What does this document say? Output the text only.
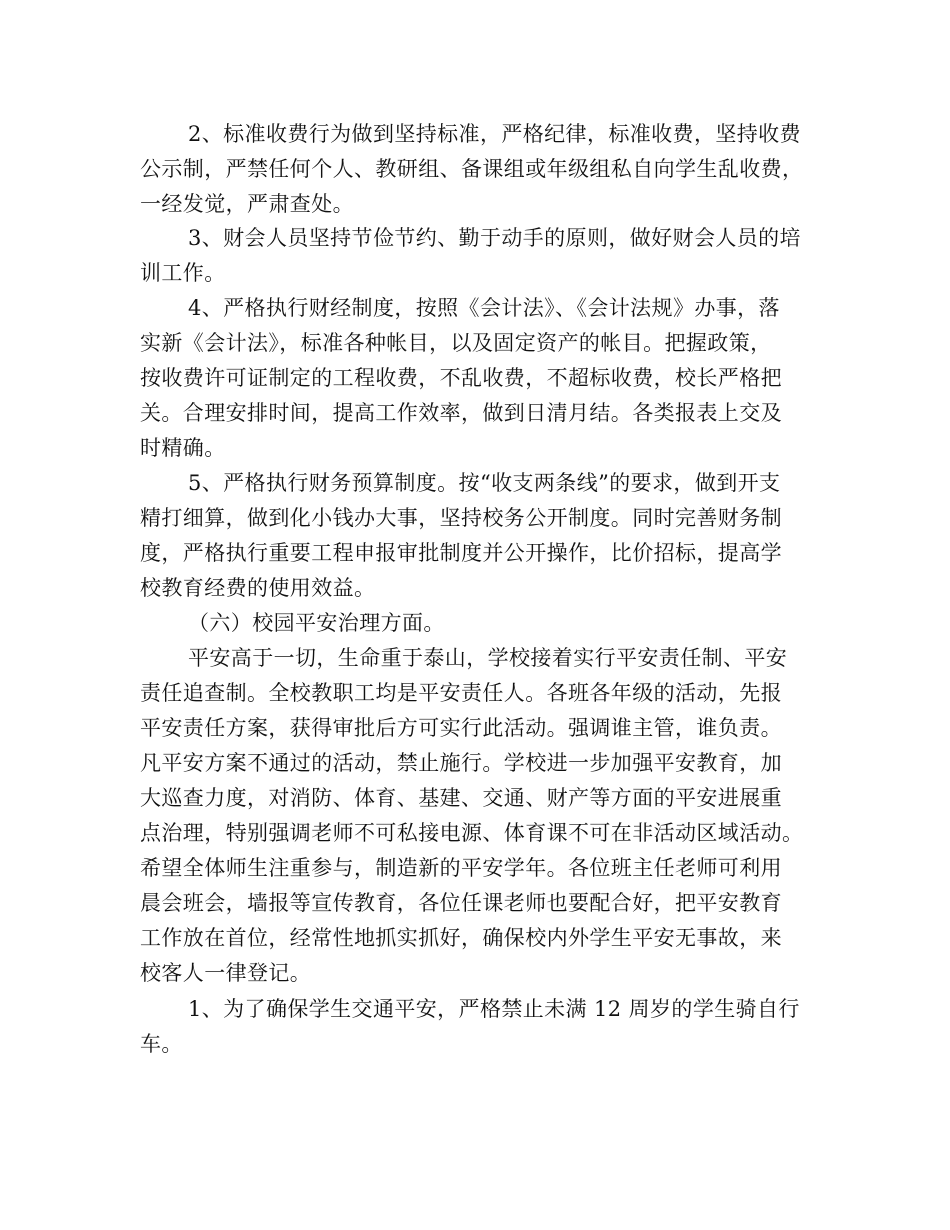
2、标准收费行为做到坚持标准，严格纪律，标准收费，坚持收费

公示制，严禁任何个人、教研组、备课组或年级组私自向学生乱收费，

一经发觉，严肃查处。

3、财会人员坚持节俭节约、勤于动手的原则，做好财会人员的培

训工作。

4、严格执行财经制度，按照《会计法》、《会计法规》办事，落

实新《会计法》，标准各种帐目，以及固定资产的帐目。把握政策，

按收费许可证制定的工程收费，不乱收费，不超标收费，校长严格把

关。合理安排时间，提高工作效率，做到日清月结。各类报表上交及

时精确。

5、严格执行财务预算制度。按“收支两条线”的要求，做到开支

精打细算，做到化小钱办大事，坚持校务公开制度。同时完善财务制

度，严格执行重要工程申报审批制度并公开操作，比价招标，提高学

校教育经费的使用效益。

（六）校园平安治理方面。

平安高于一切，生命重于泰山，学校接着实行平安责任制、平安

责任追查制。全校教职工均是平安责任人。各班各年级的活动，先报

平安责任方案，获得审批后方可实行此活动。强调谁主管，谁负责。

凡平安方案不通过的活动，禁止施行。学校进一步加强平安教育，加

大巡查力度，对消防、体育、基建、交通、财产等方面的平安进展重

点治理，特别强调老师不可私接电源、体育课不可在非活动区域活动。

希望全体师生注重参与，制造新的平安学年。各位班主任老师可利用

晨会班会，墙报等宣传教育，各位任课老师也要配合好，把平安教育

工作放在首位，经常性地抓实抓好，确保校内外学生平安无事故，来

校客人一律登记。

1、为了确保学生交通平安，严格禁止未满 12 周岁的学生骑自行

车。
